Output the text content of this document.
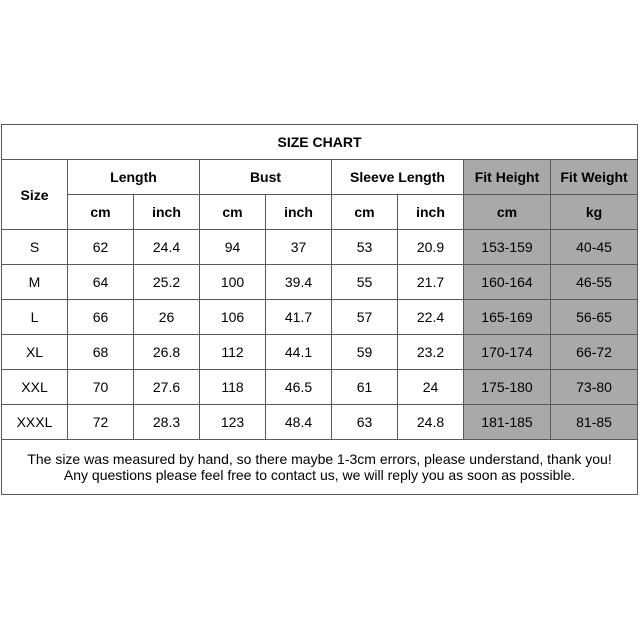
SIZE CHART								
Size	Length		Bust		Sleeve Length		Fit Height	Fit Weight
	cm	inch	cm	inch	cm	inch	cm	kg
S	62	24.4	94	37	53	20.9	153-159	40-45
M	64	25.2	100	39.4	55	21.7	160-164	46-55
L	66	26	106	41.7	57	22.4	165-169	56-65
XL	68	26.8	112	44.1	59	23.2	170-174	66-72
XXL	70	27.6	118	46.5	61	24	175-180	73-80
XXXL	72	28.3	123	48.4	63	24.8	181-185	81-85

The size was measured by hand, so there maybe 1-3cm errors, please understand, thank you!
Any questions please feel free to contact us, we will reply you as soon as possible.								
